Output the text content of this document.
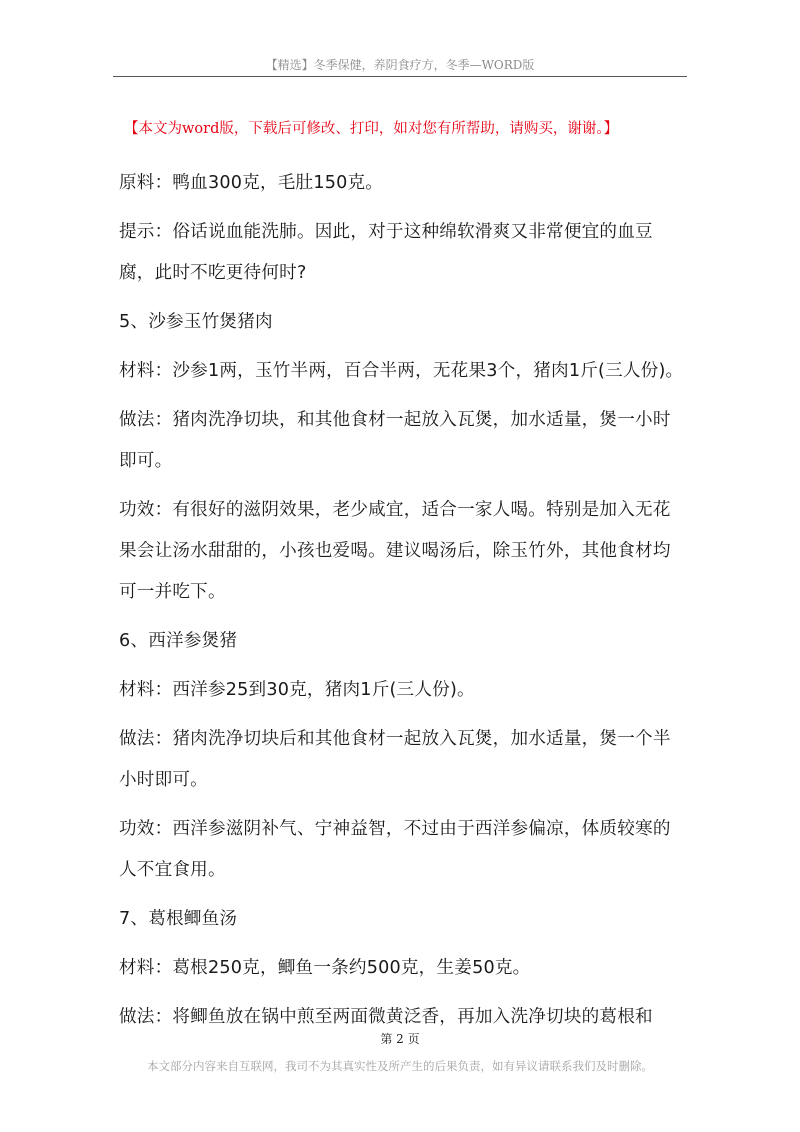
【精选】冬季保健，养阴食疗方，冬季—WORD版
【本文为word版，下载后可修改、打印，如对您有所帮助，请购买，谢谢。】

原料：鸭血300克，毛肚150克。

提示：俗话说血能洗肺。因此，对于这种绵软滑爽又非常便宜的血豆腐，此时不吃更待何时?

5、沙参玉竹煲猪肉

材料：沙参1两，玉竹半两，百合半两，无花果3个，猪肉1斤(三人份)。

做法：猪肉洗净切块，和其他食材一起放入瓦煲，加水适量，煲一小时即可。

功效：有很好的滋阴效果，老少咸宜，适合一家人喝。特别是加入无花果会让汤水甜甜的，小孩也爱喝。建议喝汤后，除玉竹外，其他食材均可一并吃下。

6、西洋参煲猪

材料：西洋参25到30克，猪肉1斤(三人份)。

做法：猪肉洗净切块后和其他食材一起放入瓦煲，加水适量，煲一个半小时即可。

功效：西洋参滋阴补气、宁神益智，不过由于西洋参偏凉，体质较寒的人不宜食用。

7、葛根鲫鱼汤

材料：葛根250克，鲫鱼一条约500克，生姜50克。

做法：将鲫鱼放在锅中煎至两面微黄泛香，再加入洗净切块的葛根和

第 2 页
本文部分内容来自互联网，我司不为其真实性及所产生的后果负责，如有异议请联系我们及时删除。
